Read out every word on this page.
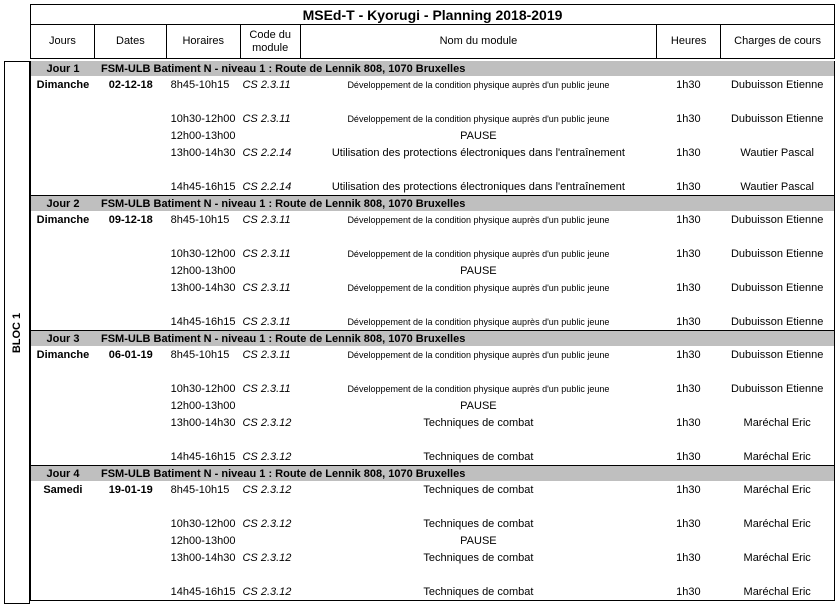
MSEd-T - Kyorugi - Planning 2018-2019
Jours	Dates	Horaires
Code du
module
Nom du module	Heures	Charges de cours
BLOC 1
Jour 1	FSM-ULB Batiment N - niveau 1 : Route de Lennik 808, 1070 Bruxelles
Dimanche	02-12-18	8h45-10h15	CS 2.3.11	Développement de la condition physique auprès d'un public jeune	1h30	Dubuisson Etienne
10h30-12h00 CS 2.3.11	Développement de la condition physique auprès d'un public jeune	1h30	Dubuisson Etienne
12h00-13h00	PAUSE
13h00-14h30 CS 2.2.14	Utilisation des protections électroniques dans l'entraînement	1h30	Wautier Pascal
14h45-16h15 CS 2.2.14	Utilisation des protections électroniques dans l'entraînement	1h30	Wautier Pascal
Jour 2	FSM-ULB Batiment N - niveau 1 : Route de Lennik 808, 1070 Bruxelles
Dimanche	09-12-18	8h45-10h15	CS 2.3.11	Développement de la condition physique auprès d'un public jeune	1h30	Dubuisson Etienne
10h30-12h00 CS 2.3.11	Développement de la condition physique auprès d'un public jeune	1h30	Dubuisson Etienne
12h00-13h00	PAUSE
13h00-14h30 CS 2.3.11	Développement de la condition physique auprès d'un public jeune	1h30	Dubuisson Etienne
14h45-16h15 CS 2.3.11	Développement de la condition physique auprès d'un public jeune	1h30	Dubuisson Etienne
Jour 3	FSM-ULB Batiment N - niveau 1 : Route de Lennik 808, 1070 Bruxelles
Dimanche	06-01-19	8h45-10h15	CS 2.3.11	Développement de la condition physique auprès d'un public jeune	1h30	Dubuisson Etienne
10h30-12h00 CS 2.3.11	Développement de la condition physique auprès d'un public jeune	1h30	Dubuisson Etienne
12h00-13h00	PAUSE
13h00-14h30 CS 2.3.12	Techniques de combat	1h30	Maréchal Eric
14h45-16h15 CS 2.3.12	Techniques de combat	1h30	Maréchal Eric
Jour 4	FSM-ULB Batiment N - niveau 1 : Route de Lennik 808, 1070 Bruxelles
Samedi	19-01-19	8h45-10h15	CS 2.3.12	Techniques de combat	1h30	Maréchal Eric
10h30-12h00 CS 2.3.12	Techniques de combat	1h30	Maréchal Eric
12h00-13h00	PAUSE
13h00-14h30 CS 2.3.12	Techniques de combat	1h30	Maréchal Eric
14h45-16h15 CS 2.3.12	Techniques de combat	1h30	Maréchal Eric
